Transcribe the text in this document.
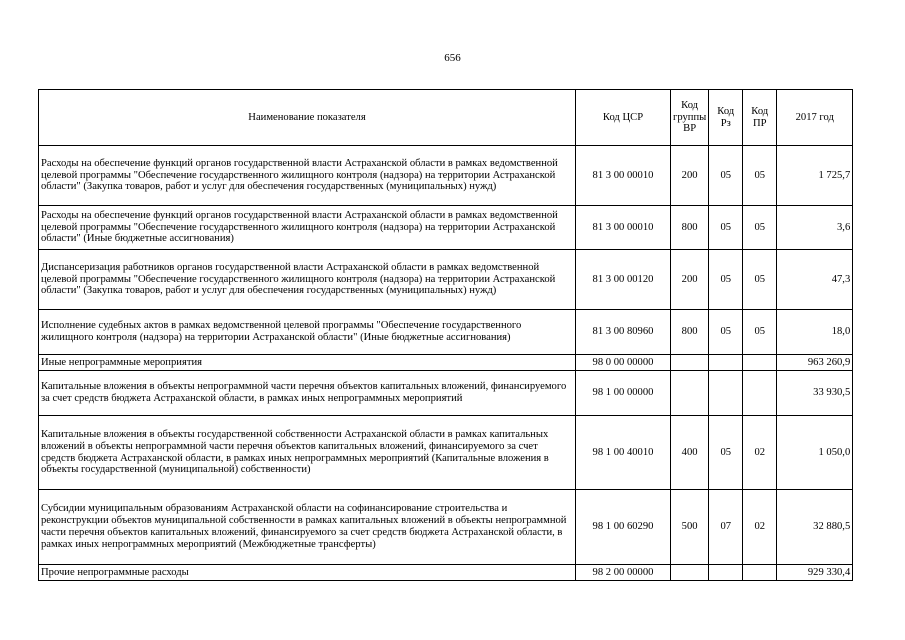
656
Наименование показателя	Код ЦСР	Код группы ВР	Код Рз	Код ПР	2017 год
Расходы на обеспечение функций органов государственной власти Астраханской области в рамках ведомственной целевой программы "Обеспечение государственного жилищного контроля (надзора) на территории Астраханской области" (Закупка товаров, работ и услуг для обеспечения государственных (муниципальных) нужд)	81 3 00 00010	200	05	05	1 725,7
Расходы на обеспечение функций органов государственной власти Астраханской области в рамках ведомственной целевой программы "Обеспечение государственного жилищного контроля (надзора) на территории Астраханской области" (Иные бюджетные ассигнования)	81 3 00 00010	800	05	05	3,6
Диспансеризация работников органов государственной власти Астраханской области в рамках ведомственной целевой программы "Обеспечение государственного жилищного контроля (надзора) на территории Астраханской области" (Закупка товаров, работ и услуг для обеспечения государственных (муниципальных) нужд)	81 3 00 00120	200	05	05	47,3
Исполнение судебных актов в рамках ведомственной целевой программы "Обеспечение государственного жилищного контроля (надзора) на территории Астраханской области" (Иные бюджетные ассигнования)	81 3 00 80960	800	05	05	18,0
Иные непрограммные мероприятия	98 0 00 00000				963 260,9
Капитальные вложения в объекты непрограммной части перечня объектов капитальных вложений, финансируемого за счет средств бюджета Астраханской области, в рамках иных непрограммных мероприятий	98 1 00 00000				33 930,5
Капитальные вложения в объекты государственной собственности Астраханской области в рамках капитальных вложений в объекты непрограммной части перечня объектов капитальных вложений, финансируемого за счет средств бюджета Астраханской области, в рамках иных непрограммных мероприятий (Капитальные вложения в объекты государственной (муниципальной) собственности)	98 1 00 40010	400	05	02	1 050,0
Субсидии муниципальным образованиям Астраханской области на софинансирование строительства и реконструкции объектов муниципальной собственности в рамках капитальных вложений в объекты непрограммной части перечня объектов капитальных вложений, финансируемого за счет средств бюджета Астраханской области, в рамках иных непрограммных мероприятий (Межбюджетные трансферты)	98 1 00 60290	500	07	02	32 880,5
Прочие непрограммные расходы	98 2 00 00000				929 330,4
